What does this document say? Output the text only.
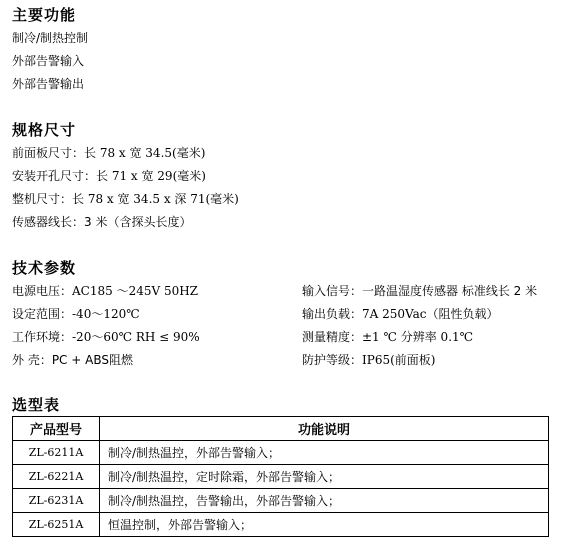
主要功能
制冷/制热控制
外部告警输入
外部告警输出
规格尺寸
前面板尺寸：长 78 x 宽 34.5(毫米)
安装开孔尺寸：长 71 x 宽 29(毫米)
整机尺寸：长 78 x 宽 34.5 x 深 71(毫米)
传感器线长：3 米（含探头长度）
技术参数
电源电压：AC185 ～245V 50HZ
设定范围：-40～120℃
工作环境：-20～60℃ RH ≤ 90%
外 壳：PC + ABS阻燃
输入信号：一路温湿度传感器 标准线长 2 米
输出负载：7A 250Vac（阻性负载）
测量精度：±1 ℃ 分辨率 0.1℃
防护等级：IP65(前面板)
选型表
产品型号	功能说明
ZL-6211A	制冷/制热温控，外部告警输入；
ZL-6221A	制冷/制热温控，定时除霜，外部告警输入；
ZL-6231A	制冷/制热温控，告警输出，外部告警输入；
ZL-6251A	恒温控制，外部告警输入；
